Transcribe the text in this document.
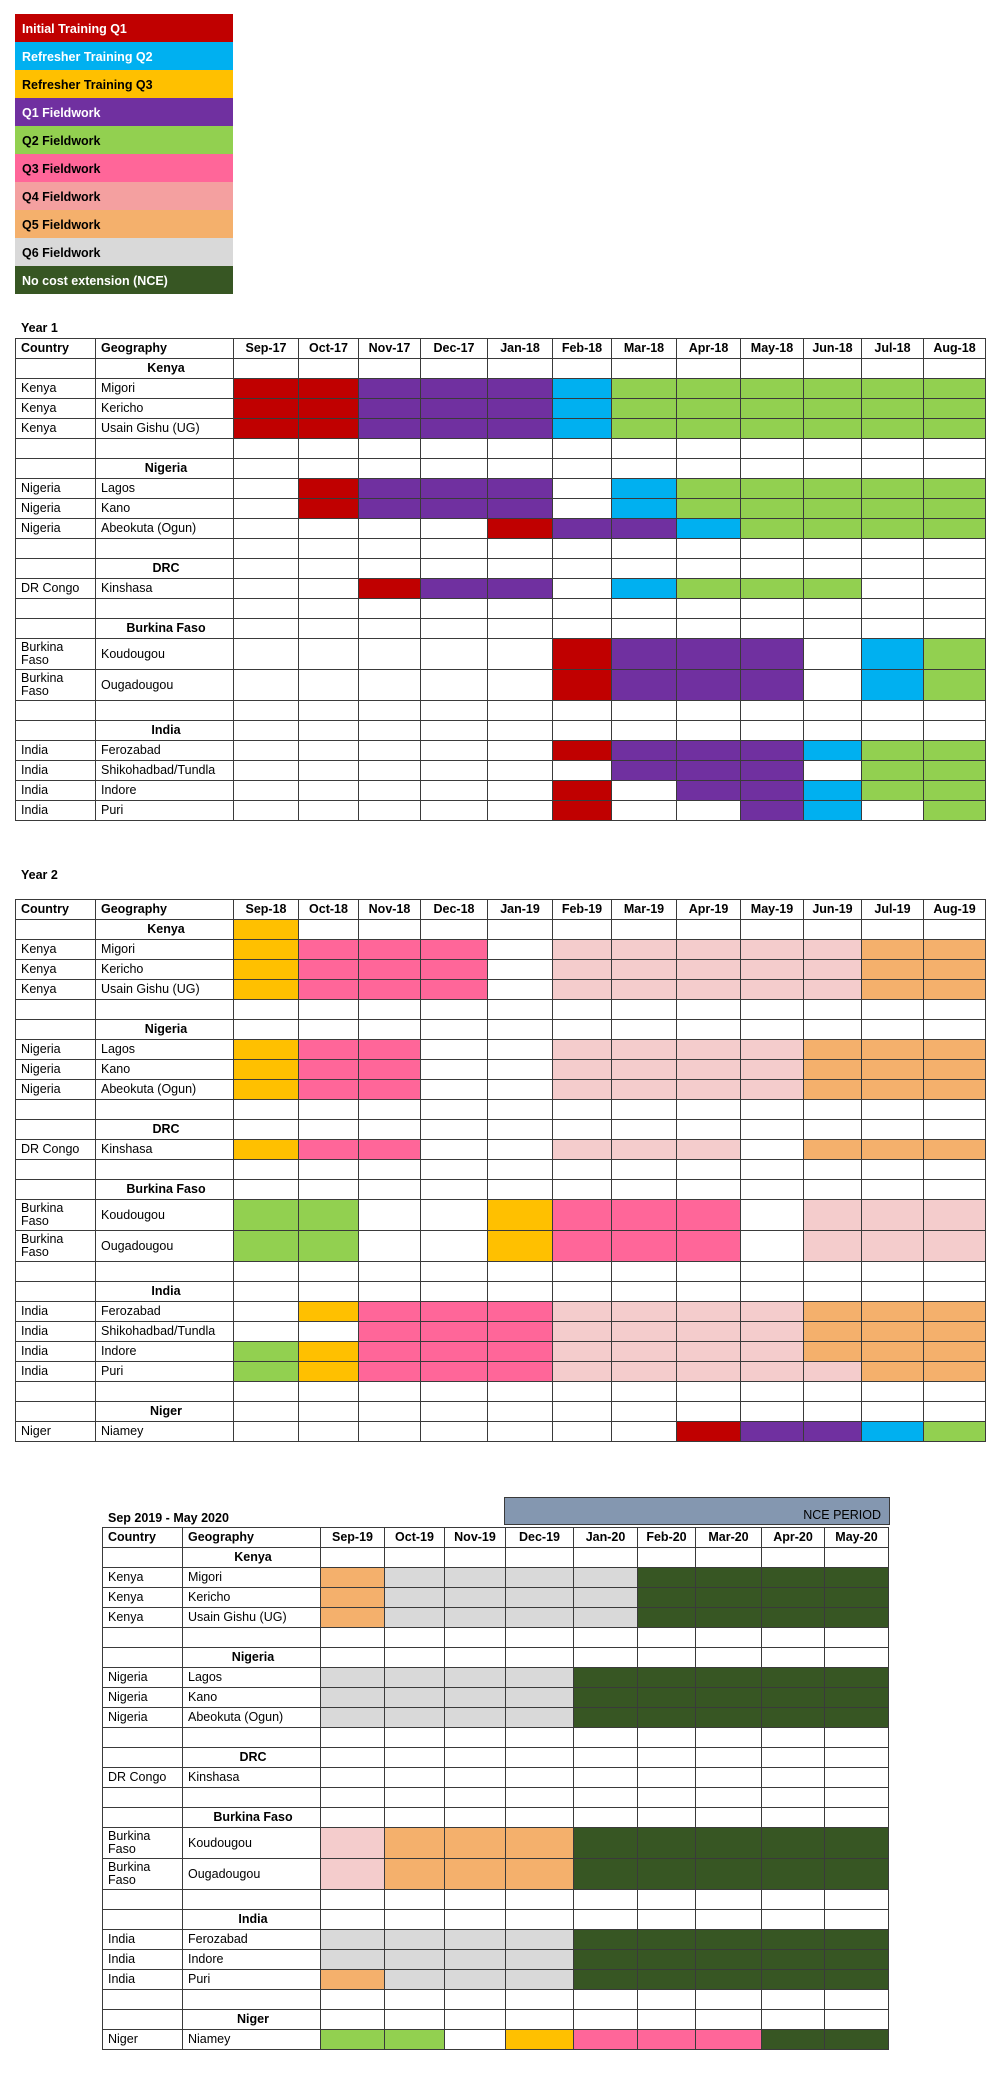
Initial Training Q1
Refresher Training Q2
Refresher Training Q3
Q1 Fieldwork
Q2 Fieldwork
Q3 Fieldwork
Q4 Fieldwork
Q5 Fieldwork
Q6 Fieldwork
No cost extension (NCE)
Year 1
Country	Geography	Sep-17	Oct-17	Nov-17	Dec-17	Jan-18	Feb-18	Mar-18	Apr-18	May-18	Jun-18	Jul-18	Aug-18
	Kenya												
Kenya	Migori												
Kenya	Kericho												
Kenya	Usain Gishu (UG)												

	Nigeria												
Nigeria	Lagos												
Nigeria	Kano												
Nigeria	Abeokuta (Ogun)												

	DRC												
DR Congo	Kinshasa												

	Burkina Faso												
Burkina Faso	Koudougou												
Burkina Faso	Ougadougou												

	India												
India	Ferozabad												
India	Shikohadbad/Tundla												
India	Indore												
India	Puri												
Year 2
Country	Geography	Sep-18	Oct-18	Nov-18	Dec-18	Jan-19	Feb-19	Mar-19	Apr-19	May-19	Jun-19	Jul-19	Aug-19
	Kenya												
Kenya	Migori												
Kenya	Kericho												
Kenya	Usain Gishu (UG)												

	Nigeria												
Nigeria	Lagos												
Nigeria	Kano												
Nigeria	Abeokuta (Ogun)												

	DRC												
DR Congo	Kinshasa												

	Burkina Faso												
Burkina Faso	Koudougou												
Burkina Faso	Ougadougou												

	India												
India	Ferozabad												
India	Shikohadbad/Tundla												
India	Indore												
India	Puri												

	Niger												
Niger	Niamey												
NCE PERIOD
Sep 2019 - May 2020
Country	Geography	Sep-19	Oct-19	Nov-19	Dec-19	Jan-20	Feb-20	Mar-20	Apr-20	May-20
	Kenya									
Kenya	Migori									
Kenya	Kericho									
Kenya	Usain Gishu (UG)									

	Nigeria									
Nigeria	Lagos									
Nigeria	Kano									
Nigeria	Abeokuta (Ogun)									

	DRC									
DR Congo	Kinshasa									

	Burkina Faso									
Burkina Faso	Koudougou									
Burkina Faso	Ougadougou									

	India									
India	Ferozabad									
India	Indore									
India	Puri									

	Niger									
Niger	Niamey									
